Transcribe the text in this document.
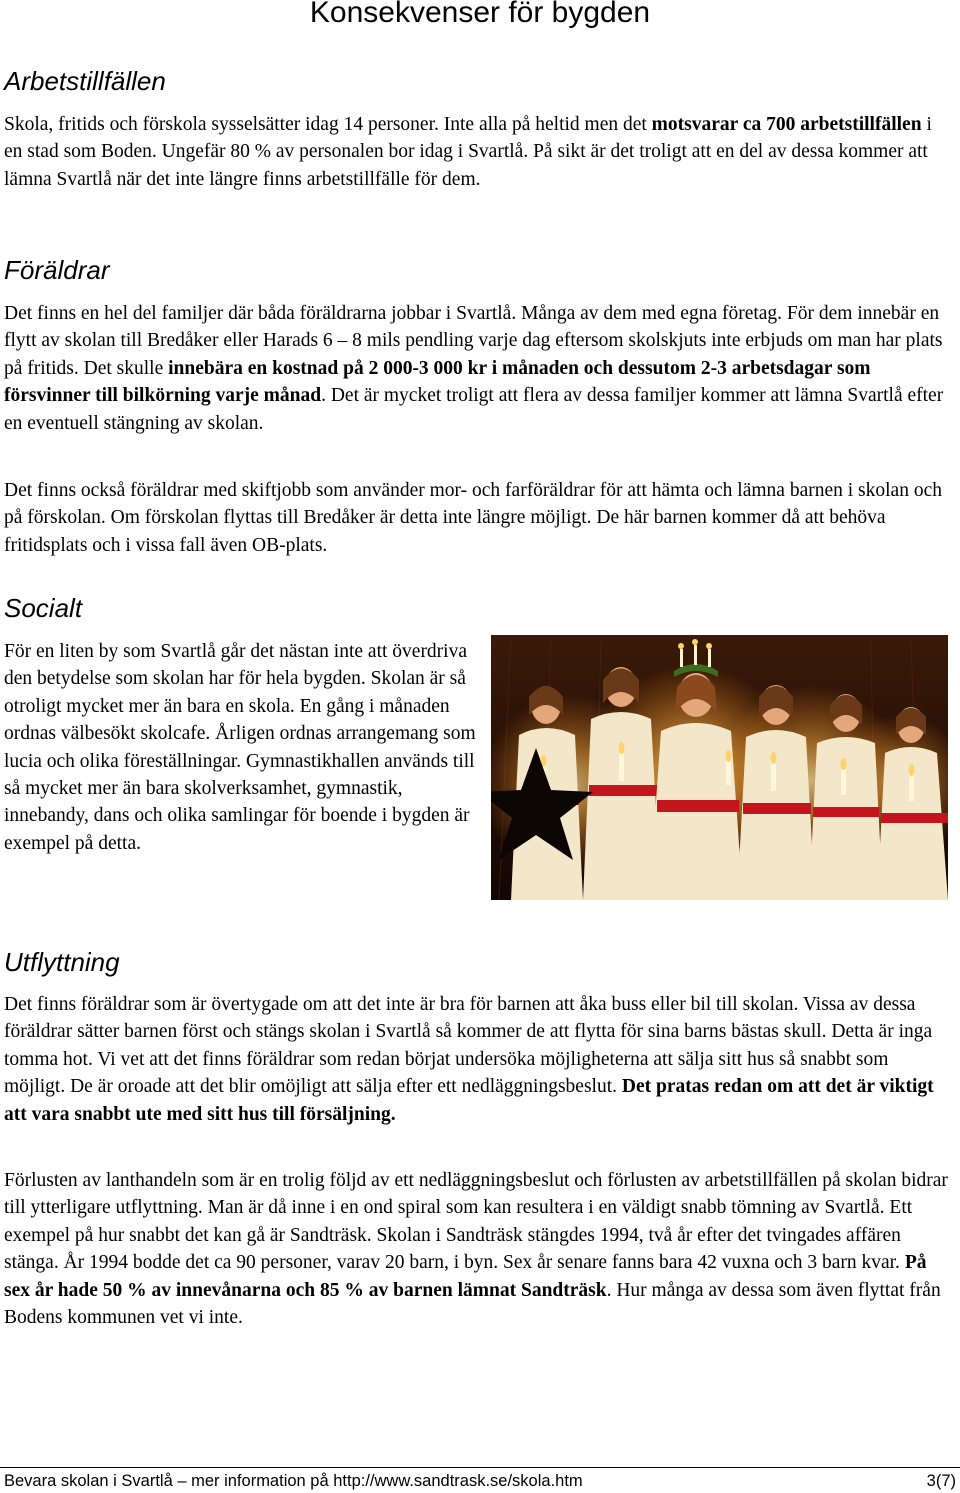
Konsekvenser för bygden
Arbetstillfällen

Skola, fritids och förskola sysselsätter idag 14 personer. Inte alla på heltid men det motsvarar ca 700 arbetstillfällen i en stad som Boden. Ungefär 80 % av personalen bor idag i Svartlå. På sikt är det troligt att en del av dessa kommer att lämna Svartlå när det inte längre finns arbetstillfälle för dem.

Föräldrar

Det finns en hel del familjer där båda föräldrarna jobbar i Svartlå. Många av dem med egna företag. För dem innebär en flytt av skolan till Bredåker eller Harads 6 – 8 mils pendling varje dag eftersom skolskjuts inte erbjuds om man har plats på fritids. Det skulle innebära en kostnad på 2 000-3 000 kr i månaden och dessutom 2-3 arbetsdagar som försvinner till bilkörning varje månad. Det är mycket troligt att flera av dessa familjer kommer att lämna Svartlå efter en eventuell stängning av skolan.

Det finns också föräldrar med skiftjobb som använder mor- och farföräldrar för att hämta och lämna barnen i skolan och på förskolan. Om förskolan flyttas till Bredåker är detta inte längre möjligt. De här barnen kommer då att behöva fritidsplats och i vissa fall även OB-plats.

Socialt

För en liten by som Svartlå går det nästan inte att överdriva den betydelse som skolan har för hela bygden. Skolan är så otroligt mycket mer än bara en skola. En gång i månaden ordnas välbesökt skolcafe. Årligen ordnas arrangemang som lucia och olika föreställningar. Gymnastikhallen används till så mycket mer än bara skolverksamhet, gymnastik, innebandy, dans och olika samlingar för boende i bygden är exempel på detta.

Utflyttning

Det finns föräldrar som är övertygade om att det inte är bra för barnen att åka buss eller bil till skolan. Vissa av dessa föräldrar sätter barnen först och stängs skolan i Svartlå så kommer de att flytta för sina barns bästas skull. Detta är inga tomma hot. Vi vet att det finns föräldrar som redan börjat undersöka möjligheterna att sälja sitt hus så snabbt som möjligt. De är oroade att det blir omöjligt att sälja efter ett nedläggningsbeslut. Det pratas redan om att det är viktigt att vara snabbt ute med sitt hus till försäljning.

Förlusten av lanthandeln som är en trolig följd av ett nedläggningsbeslut och förlusten av arbetstillfällen på skolan bidrar till ytterligare utflyttning. Man är då inne i en ond spiral som kan resultera i en väldigt snabb tömning av Svartlå. Ett exempel på hur snabbt det kan gå är Sandträsk. Skolan i Sandträsk stängdes 1994, två år efter det tvingades affären stänga. År 1994 bodde det ca 90 personer, varav 20 barn, i byn. Sex år senare fanns bara 42 vuxna och 3 barn kvar. På sex år hade 50 % av innevånarna och 85 % av barnen lämnat Sandträsk. Hur många av dessa som även flyttat från Bodens kommunen vet vi inte.

Bevara skolan i Svartlå – mer information på http://www.sandtrask.se/skola.htm	3(7)
